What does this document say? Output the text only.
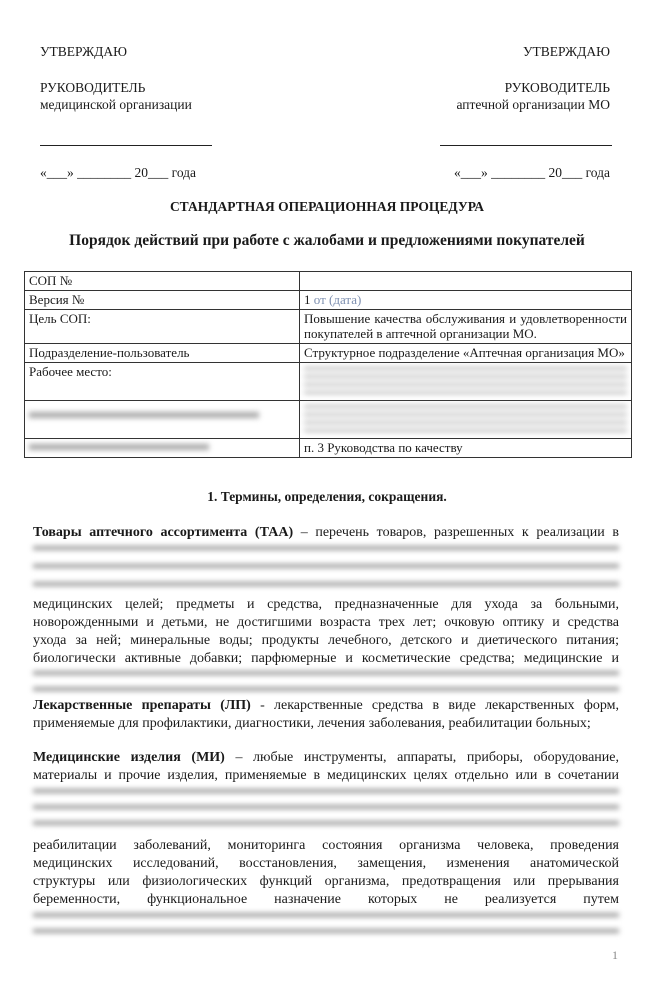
УТВЕРЖДАЮ
РУКОВОДИТЕЛЬ
медицинской организации
«___» ________ 20___ года
УТВЕРЖДАЮ
РУКОВОДИТЕЛЬ
аптечной организации МО
«___» ________ 20___ года
СТАНДАРТНАЯ ОПЕРАЦИОННАЯ ПРОЦЕДУРА
Порядок действий при работе с жалобами и предложениями покупателей
СОП №	
Версия №	1 от (дата)
Цель СОП:	Повышение качества обслуживания и удовлетворенности покупателей в аптечной организации МО.
Подразделение-пользователь	Структурное подразделение «Аптечная организация МО»
Рабочее место:	

	п. 3 Руководства по качеству
1. Термины, определения, сокращения.
Товары аптечного ассортимента (ТАА) – перечень товаров, разрешенных к реализации в
медицинских целей; предметы и средства, предназначенные для ухода за больными,
новорожденными и детьми, не достигшими возраста трех лет; очковую оптику и средства
ухода за ней; минеральные воды; продукты лечебного, детского и диетического питания;
биологически активные добавки; парфюмерные и косметические средства; медицинские и
Лекарственные препараты (ЛП) - лекарственные средства в виде лекарственных форм, применяемые для профилактики, диагностики, лечения заболевания, реабилитации больных;
Медицинские изделия (МИ) – любые инструменты, аппараты, приборы, оборудование,
материалы и прочие изделия, применяемые в медицинских целях отдельно или в сочетании
реабилитации заболеваний, мониторинга состояния организма человека, проведения
медицинских исследований, восстановления, замещения, изменения анатомической
структуры или физиологических функций организма, предотвращения или прерывания
беременности, функциональное назначение которых не реализуется путем
1
